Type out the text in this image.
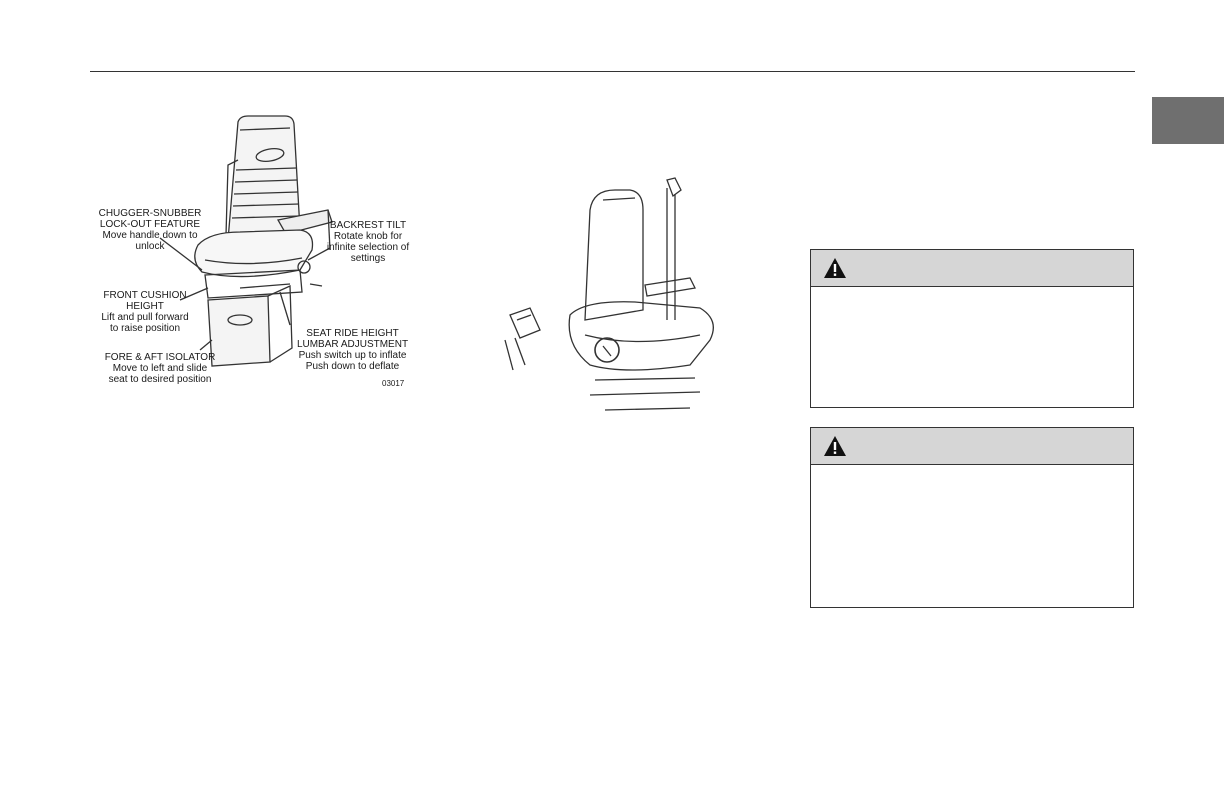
CHUGGER-SNUBBER
LOCK-OUT FEATURE
Move handle down to
unlock
BACKREST TILT
Rotate knob for
infinite selection of
settings
FRONT CUSHION
HEIGHT
Lift and pull forward
to raise position	SEAT RIDE HEIGHT
LUMBAR ADJUSTMENT
Push switch up to inflate
Push down to deflate
FORE & AFT ISOLATOR
Move to left and slide
seat to desired position	03017
